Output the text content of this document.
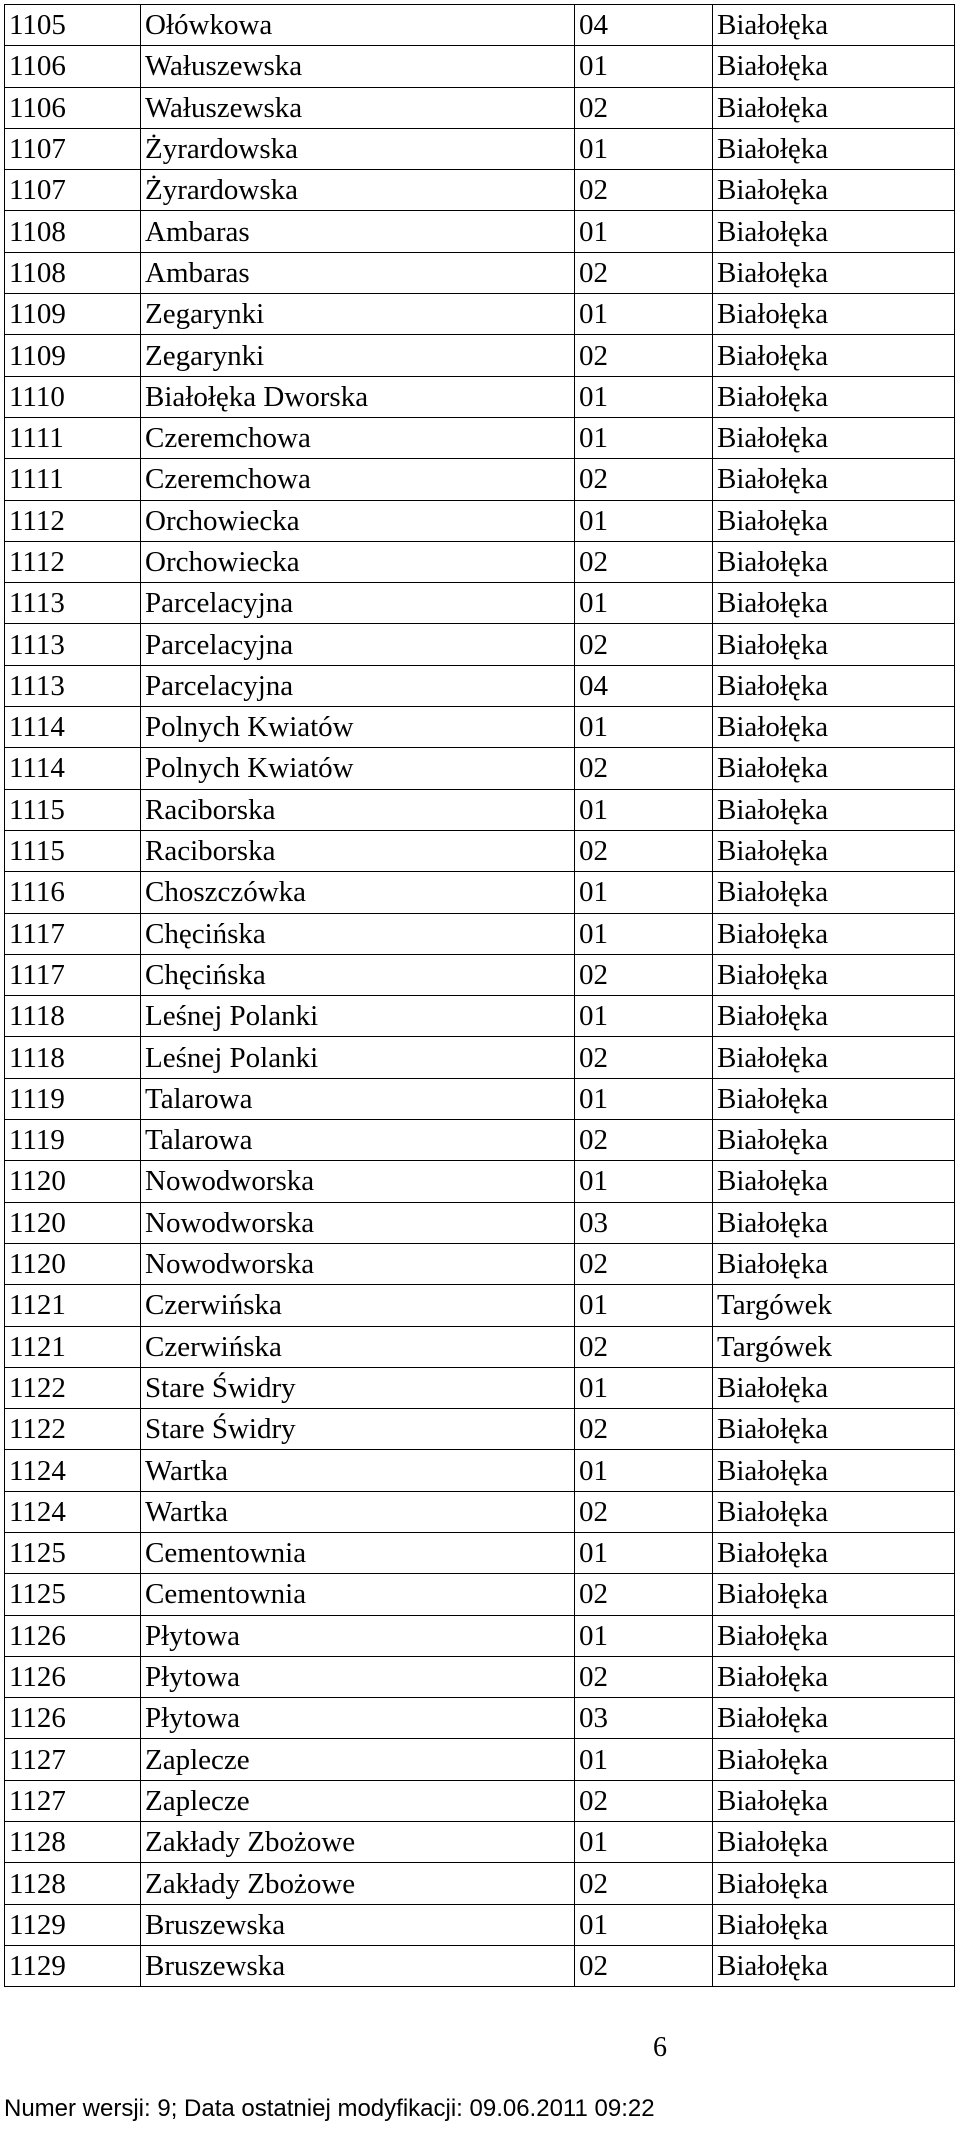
1105	Ołówkowa	04	Białołęka
1106	Wałuszewska	01	Białołęka
1106	Wałuszewska	02	Białołęka
1107	Żyrardowska	01	Białołęka
1107	Żyrardowska	02	Białołęka
1108	Ambaras	01	Białołęka
1108	Ambaras	02	Białołęka
1109	Zegarynki	01	Białołęka
1109	Zegarynki	02	Białołęka
1110	Białołęka Dworska	01	Białołęka
1111	Czeremchowa	01	Białołęka
1111	Czeremchowa	02	Białołęka
1112	Orchowiecka	01	Białołęka
1112	Orchowiecka	02	Białołęka
1113	Parcelacyjna	01	Białołęka
1113	Parcelacyjna	02	Białołęka
1113	Parcelacyjna	04	Białołęka
1114	Polnych Kwiatów	01	Białołęka
1114	Polnych Kwiatów	02	Białołęka
1115	Raciborska	01	Białołęka
1115	Raciborska	02	Białołęka
1116	Choszczówka	01	Białołęka
1117	Chęcińska	01	Białołęka
1117	Chęcińska	02	Białołęka
1118	Leśnej Polanki	01	Białołęka
1118	Leśnej Polanki	02	Białołęka
1119	Talarowa	01	Białołęka
1119	Talarowa	02	Białołęka
1120	Nowodworska	01	Białołęka
1120	Nowodworska	03	Białołęka
1120	Nowodworska	02	Białołęka
1121	Czerwińska	01	Targówek
1121	Czerwińska	02	Targówek
1122	Stare Świdry	01	Białołęka
1122	Stare Świdry	02	Białołęka
1124	Wartka	01	Białołęka
1124	Wartka	02	Białołęka
1125	Cementownia	01	Białołęka
1125	Cementownia	02	Białołęka
1126	Płytowa	01	Białołęka
1126	Płytowa	02	Białołęka
1126	Płytowa	03	Białołęka
1127	Zaplecze	01	Białołęka
1127	Zaplecze	02	Białołęka
1128	Zakłady Zbożowe	01	Białołęka
1128	Zakłady Zbożowe	02	Białołęka
1129	Bruszewska	01	Białołęka
1129	Bruszewska	02	Białołęka
6
Numer wersji: 9; Data ostatniej modyfikacji: 09.06.2011 09:22
